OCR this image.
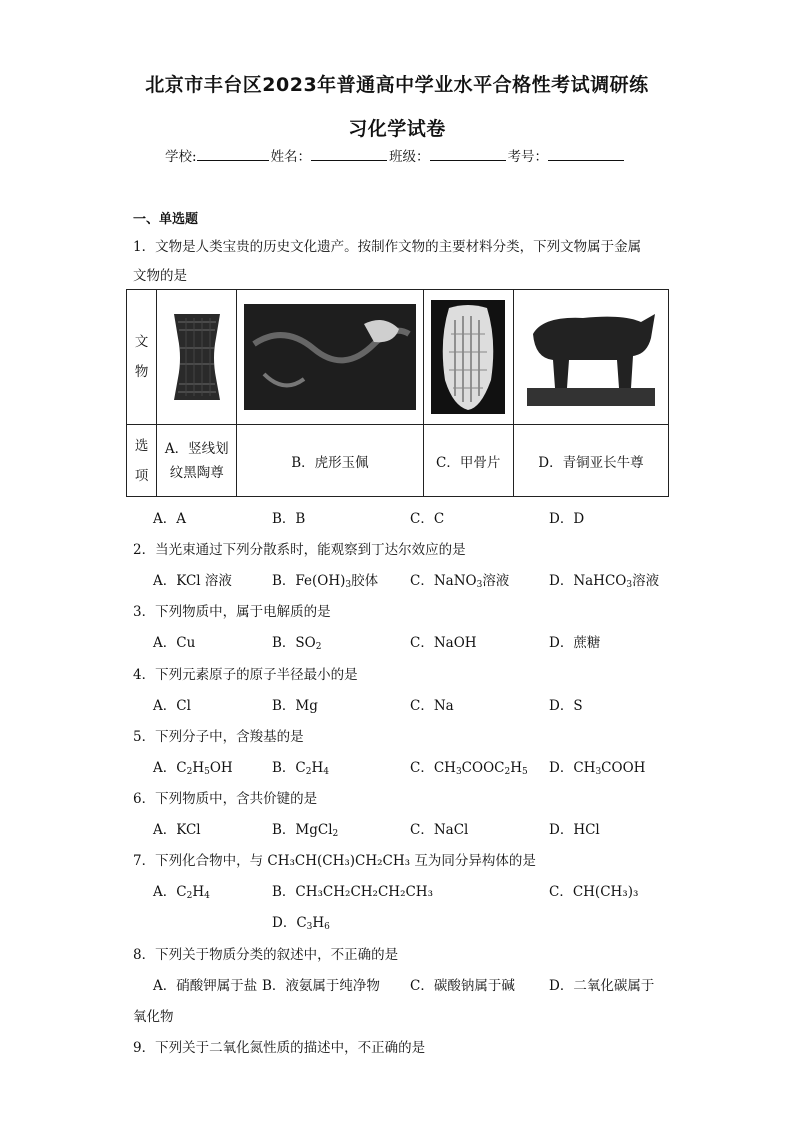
北京市丰台区2023年普通高中学业水平合格性考试调研练
习化学试卷
学校:	姓名：	班级：	考号：
一、单选题
1．文物是人类宝贵的历史文化遗产。按制作文物的主要材料分类，下列文物属于金属
文物的是
文
物	

选
项	A．竖线划
纹黑陶尊	B．虎形玉佩	C．甲骨片	D．青铜亚长牛尊
A．A	B．B	C．C	D．D
2．当光束通过下列分散系时，能观察到丁达尔效应的是
A．KCl 溶液	B．$Fe(OH)_3$胶体 C．NaNO$_3$溶液	D．NaHCO$_3$溶液
3．下列物质中，属于电解质的是
A．Cu	B．$SO_2$	C．NaOH	D．蔗糖
4．下列元素原子的原子半径最小的是
A．Cl	B．Mg	C．Na	D．S
5．下列分子中，含羧基的是
A．$C_2H_5OH$	B．$C_2H_4$	C．$CH_3COOC_2H_5$ D．$CH_3COOH$
6．下列物质中，含共价键的是
A．KCl	B．MgCl$_2$	C．NaCl	D．HCl
7．下列化合物中，与 CH₃CH(CH₃)CH₂CH₃ 互为同分异构体的是
A．$C_2H_4$	B．CH₃CH₂CH₂CH₂CH₃	C．CH(CH₃)₃
D．$C_3H_6$
8．下列关于物质分类的叙述中，不正确的是
A．硝酸钾属于盐 B．液氨属于纯净物 C．碳酸钠属于碱	D．二氧化碳属于
氧化物
9．下列关于二氧化氮性质的描述中，不正确的是
